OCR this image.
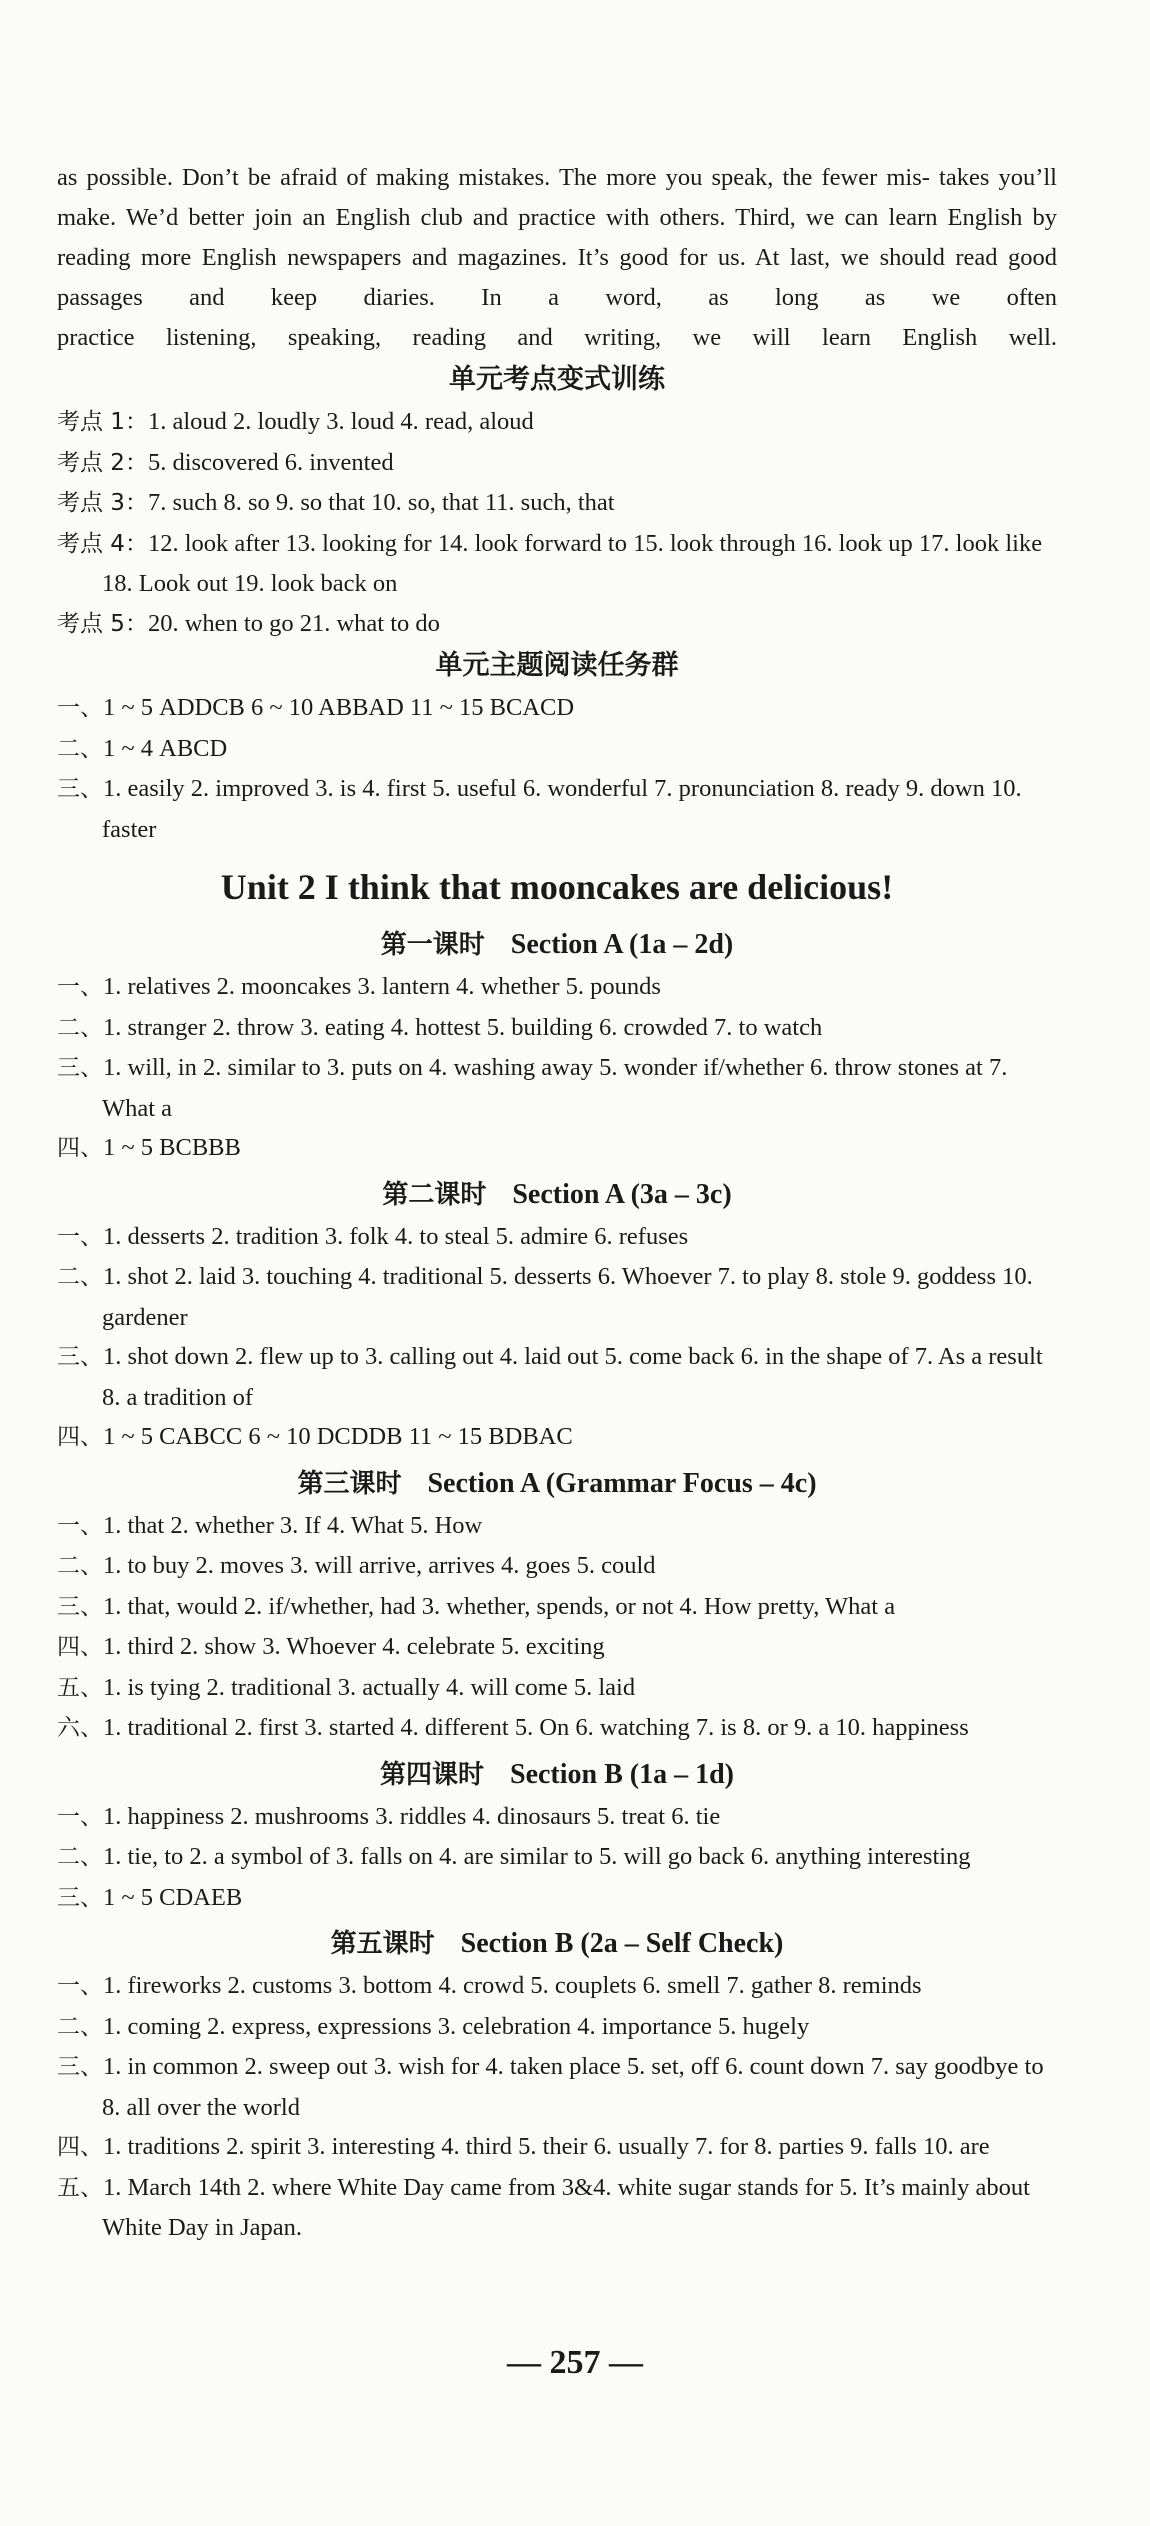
as possible. Don’t be afraid of making mistakes. The more you speak, the fewer mis- takes you’ll make. We’d better join an English club and practice with others. Third, we can learn English by reading more English newspapers and magazines. It’s good for us. At last, we should read good passages and keep diaries. In a word, as long as we often
practice listening, speaking, reading and writing, we will learn English well.
单元考点变式训练
考点 1：1. aloud 2. loudly 3. loud 4. read, aloud
考点 2：5. discovered 6. invented
考点 3：7. such 8. so 9. so that 10. so, that 11. such, that
考点 4：12. look after 13. looking for 14. look forward to 15. look through 16. look up 17. look like 18. Look out 19. look back on
考点 5：20. when to go 21. what to do
单元主题阅读任务群
一、1 ~ 5 ADDCB 6 ~ 10 ABBAD 11 ~ 15 BCACD
二、1 ~ 4 ABCD
三、1. easily 2. improved 3. is 4. first 5. useful 6. wonderful 7. pronunciation 8. ready 9. down 10. faster
Unit 2 I think that mooncakes are delicious!
第一课时 Section A (1a – 2d)
一、1. relatives 2. mooncakes 3. lantern 4. whether 5. pounds
二、1. stranger 2. throw 3. eating 4. hottest 5. building 6. crowded 7. to watch
三、1. will, in 2. similar to 3. puts on 4. washing away 5. wonder if/whether 6. throw stones at 7. What a
四、1 ~ 5 BCBBB
第二课时 Section A (3a – 3c)
一、1. desserts 2. tradition 3. folk 4. to steal 5. admire 6. refuses
二、1. shot 2. laid 3. touching 4. traditional 5. desserts 6. Whoever 7. to play 8. stole 9. goddess 10. gardener
三、1. shot down 2. flew up to 3. calling out 4. laid out 5. come back 6. in the shape of 7. As a result 8. a tradition of
四、1 ~ 5 CABCC 6 ~ 10 DCDDB 11 ~ 15 BDBAC
第三课时 Section A (Grammar Focus – 4c)
一、1. that 2. whether 3. If 4. What 5. How
二、1. to buy 2. moves 3. will arrive, arrives 4. goes 5. could
三、1. that, would 2. if/whether, had 3. whether, spends, or not 4. How pretty, What a
四、1. third 2. show 3. Whoever 4. celebrate 5. exciting
五、1. is tying 2. traditional 3. actually 4. will come 5. laid
六、1. traditional 2. first 3. started 4. different 5. On 6. watching 7. is 8. or 9. a 10. happiness
第四课时 Section B (1a – 1d)
一、1. happiness 2. mushrooms 3. riddles 4. dinosaurs 5. treat 6. tie
二、1. tie, to 2. a symbol of 3. falls on 4. are similar to 5. will go back 6. anything interesting
三、1 ~ 5 CDAEB
第五课时 Section B (2a – Self Check)
一、1. fireworks 2. customs 3. bottom 4. crowd 5. couplets 6. smell 7. gather 8. reminds
二、1. coming 2. express, expressions 3. celebration 4. importance 5. hugely
三、1. in common 2. sweep out 3. wish for 4. taken place 5. set, off 6. count down 7. say goodbye to 8. all over the world
四、1. traditions 2. spirit 3. interesting 4. third 5. their 6. usually 7. for 8. parties 9. falls 10. are
五、1. March 14th 2. where White Day came from 3&4. white sugar stands for 5. It’s mainly about White Day in Japan.
— 257 —
